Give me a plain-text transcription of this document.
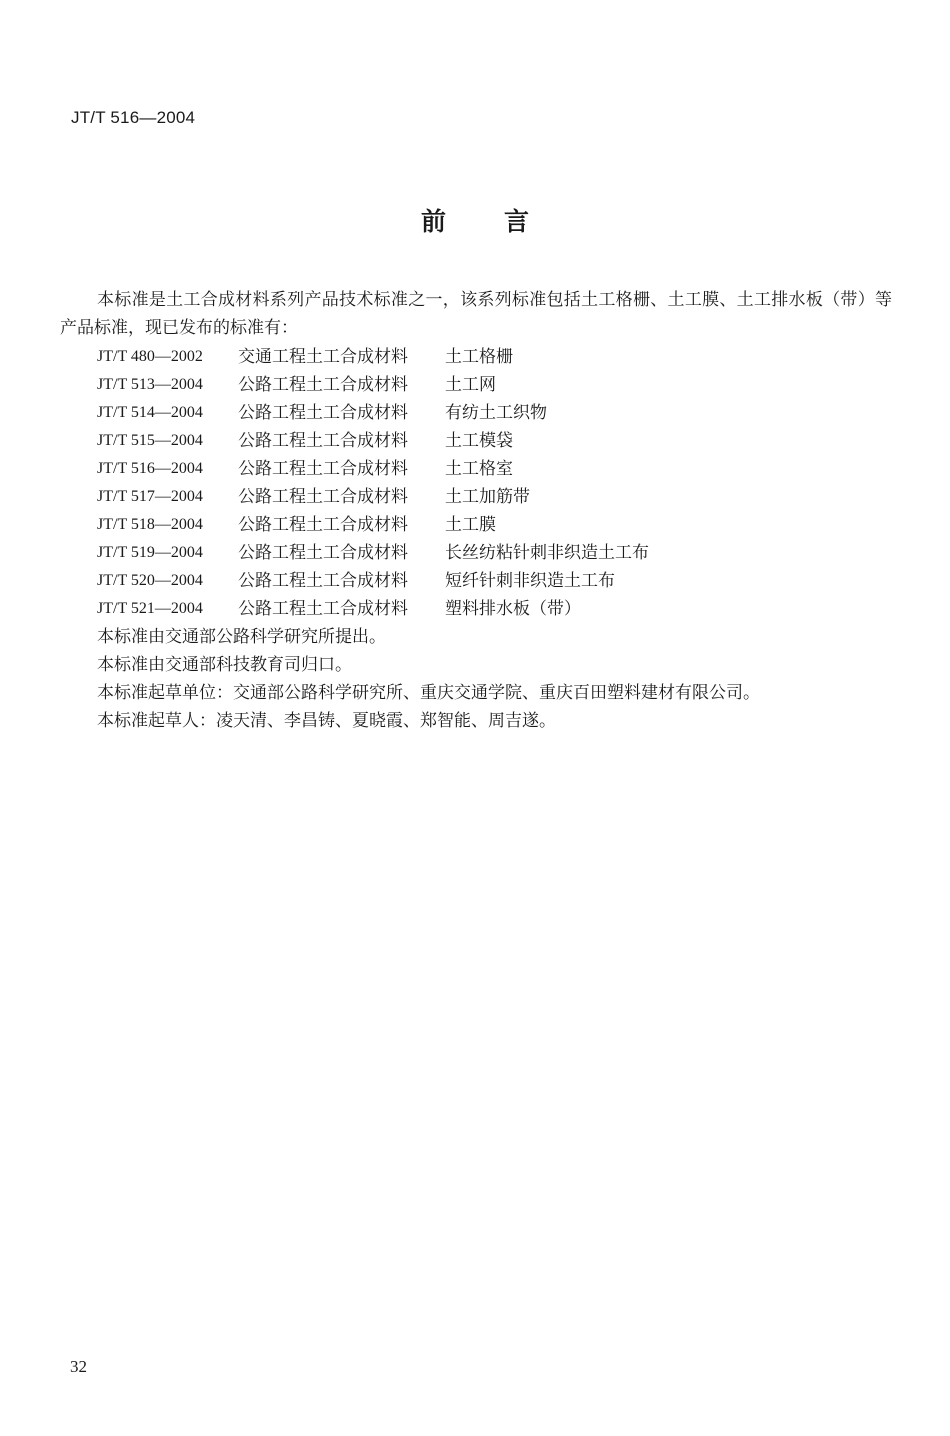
JT/T 516—2004
前言
本标准是土工合成材料系列产品技术标准之一，该系列标准包括土工格栅、土工膜、土工排水板（带）等产品标准，现已发布的标准有：
JT/T 480—2002	交通工程土工合成材料	土工格栅
JT/T 513—2004	公路工程土工合成材料	土工网
JT/T 514—2004	公路工程土工合成材料	有纺土工织物
JT/T 515—2004	公路工程土工合成材料	土工模袋
JT/T 516—2004	公路工程土工合成材料	土工格室
JT/T 517—2004	公路工程土工合成材料	土工加筋带
JT/T 518—2004	公路工程土工合成材料	土工膜
JT/T 519—2004	公路工程土工合成材料	长丝纺粘针刺非织造土工布
JT/T 520—2004	公路工程土工合成材料	短纤针刺非织造土工布
JT/T 521—2004	公路工程土工合成材料	塑料排水板（带）
本标准由交通部公路科学研究所提出。
本标准由交通部科技教育司归口。
本标准起草单位：交通部公路科学研究所、重庆交通学院、重庆百田塑料建材有限公司。
本标准起草人：凌天清、李昌铸、夏晓霞、郑智能、周吉遂。
32
